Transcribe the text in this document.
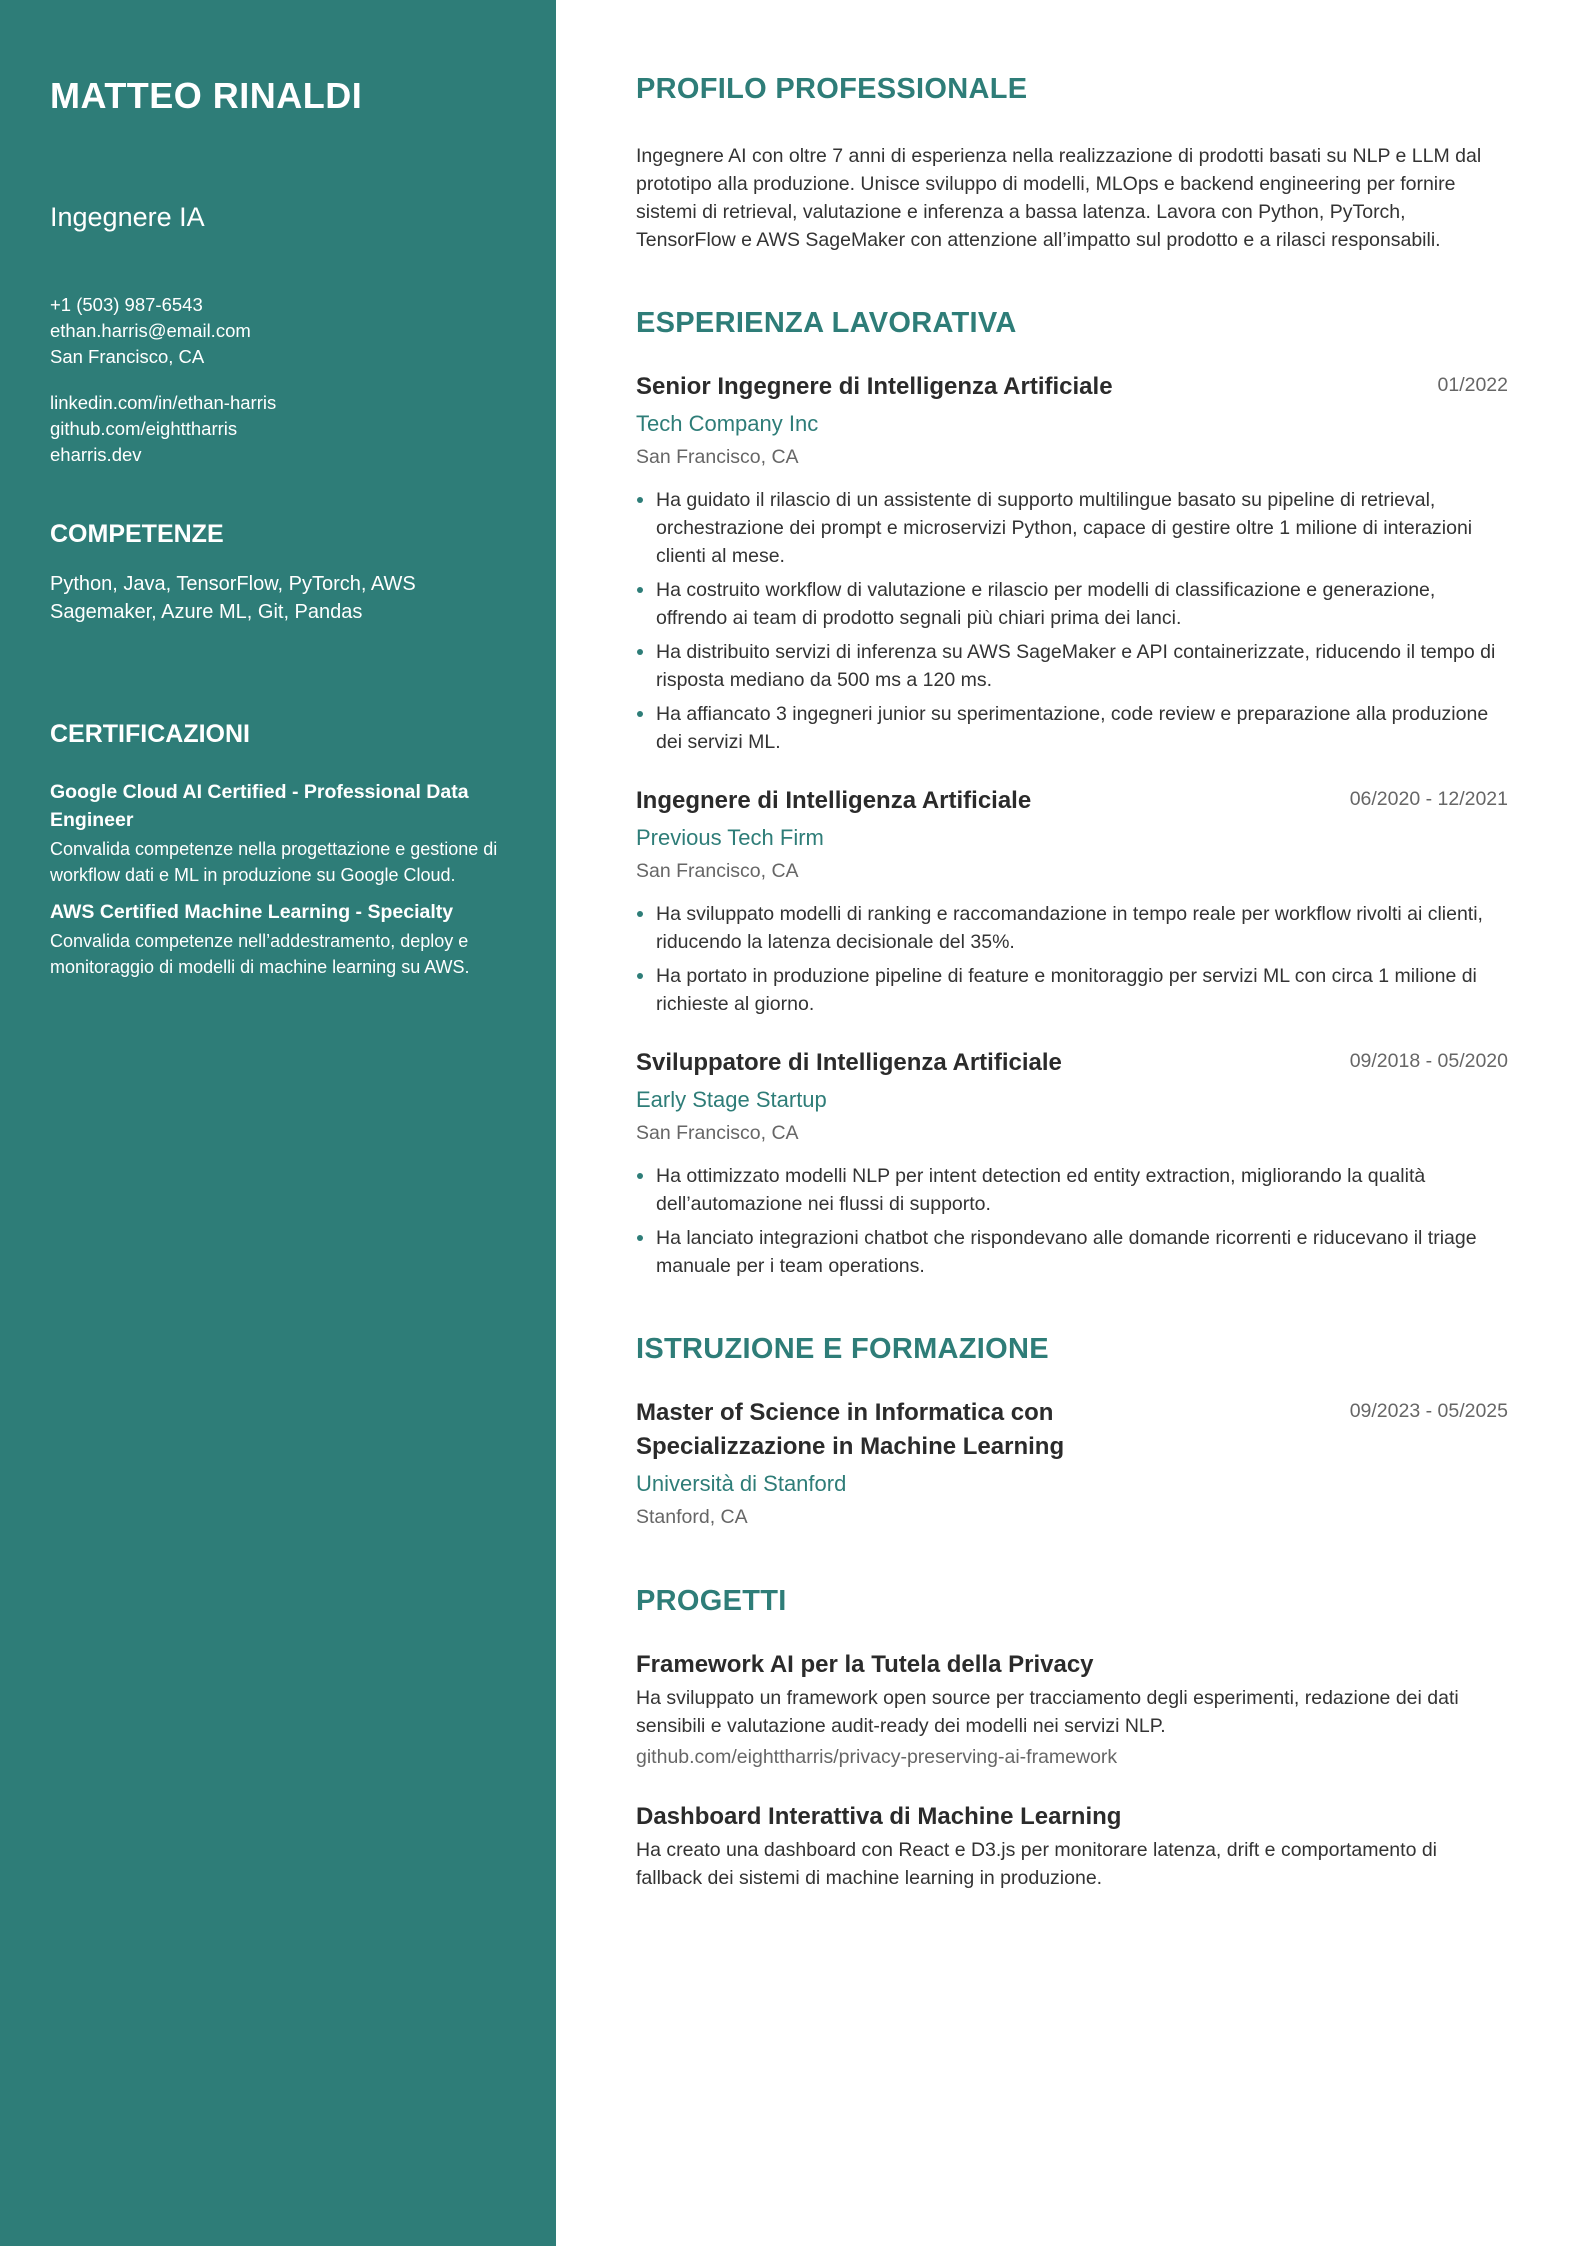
MATTEO RINALDI
Ingegnere IA
+1 (503) 987-6543
ethan.harris@email.com
San Francisco, CA
linkedin.com/in/ethan-harris
github.com/eighttharris
eharris.dev
COMPETENZE
Python, Java, TensorFlow, PyTorch, AWS Sagemaker, Azure ML, Git, Pandas
CERTIFICAZIONI
Google Cloud AI Certified - Professional Data Engineer
Convalida competenze nella progettazione e gestione di workflow dati e ML in produzione su Google Cloud.
AWS Certified Machine Learning - Specialty
Convalida competenze nell’addestramento, deploy e monitoraggio di modelli di machine learning su AWS.
PROFILO PROFESSIONALE
Ingegnere AI con oltre 7 anni di esperienza nella realizzazione di prodotti basati su NLP e LLM dal prototipo alla produzione. Unisce sviluppo di modelli, MLOps e backend engineering per fornire sistemi di retrieval, valutazione e inferenza a bassa latenza. Lavora con Python, PyTorch, TensorFlow e AWS SageMaker con attenzione all’impatto sul prodotto e a rilasci responsabili.
ESPERIENZA LAVORATIVA
Senior Ingegnere di Intelligenza Artificiale	01/2022
Tech Company Inc
San Francisco, CA
Ha guidato il rilascio di un assistente di supporto multilingue basato su pipeline di retrieval, orchestrazione dei prompt e microservizi Python, capace di gestire oltre 1 milione di interazioni clienti al mese.
Ha costruito workflow di valutazione e rilascio per modelli di classificazione e generazione, offrendo ai team di prodotto segnali più chiari prima dei lanci.
Ha distribuito servizi di inferenza su AWS SageMaker e API containerizzate, riducendo il tempo di risposta mediano da 500 ms a 120 ms.
Ha affiancato 3 ingegneri junior su sperimentazione, code review e preparazione alla produzione dei servizi ML.
Ingegnere di Intelligenza Artificiale	06/2020 - 12/2021
Previous Tech Firm
San Francisco, CA
Ha sviluppato modelli di ranking e raccomandazione in tempo reale per workflow rivolti ai clienti, riducendo la latenza decisionale del 35%.
Ha portato in produzione pipeline di feature e monitoraggio per servizi ML con circa 1 milione di richieste al giorno.
Sviluppatore di Intelligenza Artificiale	09/2018 - 05/2020
Early Stage Startup
San Francisco, CA
Ha ottimizzato modelli NLP per intent detection ed entity extraction, migliorando la qualità dell’automazione nei flussi di supporto.
Ha lanciato integrazioni chatbot che rispondevano alle domande ricorrenti e riducevano il triage manuale per i team operations.
ISTRUZIONE E FORMAZIONE
Master of Science in Informatica con Specializzazione in Machine Learning
09/2023 - 05/2025
Università di Stanford
Stanford, CA
PROGETTI
Framework AI per la Tutela della Privacy
Ha sviluppato un framework open source per tracciamento degli esperimenti, redazione dei dati sensibili e valutazione audit-ready dei modelli nei servizi NLP.
github.com/eighttharris/privacy-preserving-ai-framework
Dashboard Interattiva di Machine Learning
Ha creato una dashboard con React e D3.js per monitorare latenza, drift e comportamento di fallback dei sistemi di machine learning in produzione.
